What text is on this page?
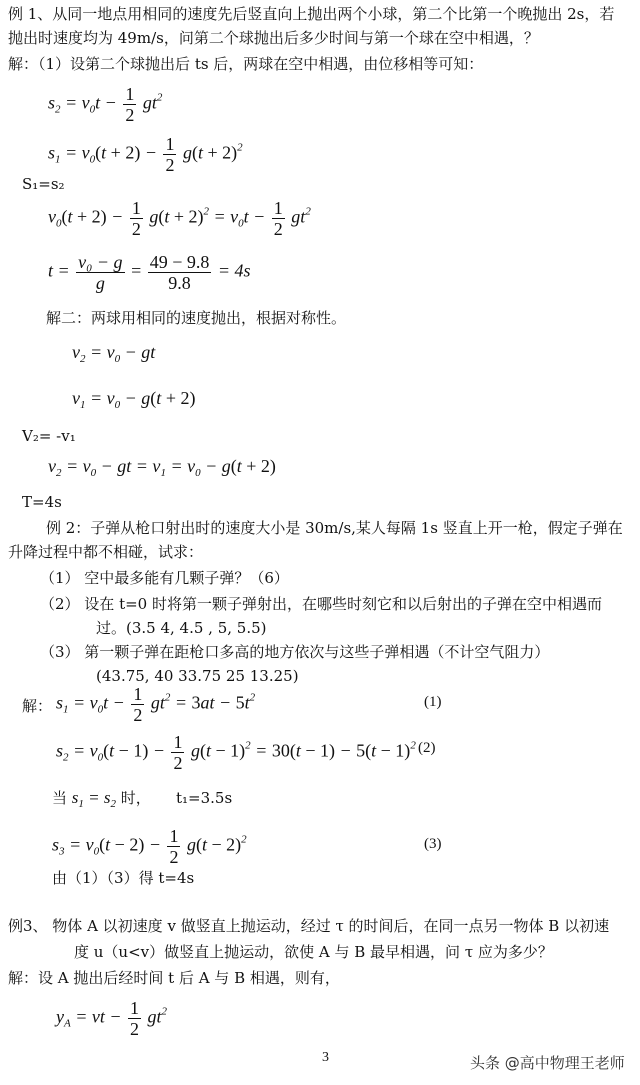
例 1、从同一地点用相同的速度先后竖直向上抛出两个小球，第二个比第一个晚抛出 2s，若
抛出时速度均为 49m/s，问第二个球抛出后多少时间与第一个球在空中相遇，？
解：（1）设第二个球抛出后 ts 后，两球在空中相遇，由位移相等可知：
$s_2 = v_0t - \frac{1}{2} gt^2$
$s_1 = v_0(t + 2) - \frac{1}{2} g(t + 2)^2$
S₁=s₂
$v_0(t + 2) - \frac{1}{2} g(t + 2)^2 = v_0t - \frac{1}{2} gt^2$
$t = \frac{\text{v₀ − g}}{g} = \frac{49 - 9.8}{9.8} = 4s$
解二：两球用相同的速度抛出，根据对称性。
$v_2 = v_0$ − gt
$v_1 = v_0 - g(t + 2)$
V₂= -v₁
$v_2 = v_0$ − gt = $v_1 = v_0 - g(t + 2)$
T=4s
例 2：子弹从枪口射出时的速度大小是 30m/s,某人每隔 1s 竖直上开一枪，假定子弹在
升降过程中都不相碰，试求：
（1） 空中最多能有几颗子弹？（6）
（2） 设在 t=0 时将第一颗子弹射出，在哪些时刻它和以后射出的子弹在空中相遇而
过。(3.5 4, 4.5 , 5, 5.5)
（3） 第一颗子弹在距枪口多高的地方依次与这些子弹相遇（不计空气阻力）
(43.75, 40 33.75 25 13.25)
解： $s_1 = v_0t - \frac{1}{2} gt^2 = 3at - 5t^2$	(1)
$s_2 = v_0(t - 1) - \frac{1}{2} g(t - 1)^2 = 30(t - 1) - 5(t - 1)^2$ (2)
当 $s_1 = s_2$ 时， t₁=3.5s
$s_3 = v_0(t - 2) - \frac{1}{2} g(t - 2)^2$	(3)
由（1）（3）得 t=4s
例3、 物体 A 以初速度 v 做竖直上抛运动，经过 τ 的时间后，在同一点另一物体 B 以初速
度 u（u<v）做竖直上抛运动，欲使 A 与 B 最早相遇，问 τ 应为多少？
解：设 A 抛出后经时间 t 后 A 与 B 相遇，则有，
$y_A$ = vt − $\frac{1}{2} gt^2$
3	头条 @高中物理王老师
